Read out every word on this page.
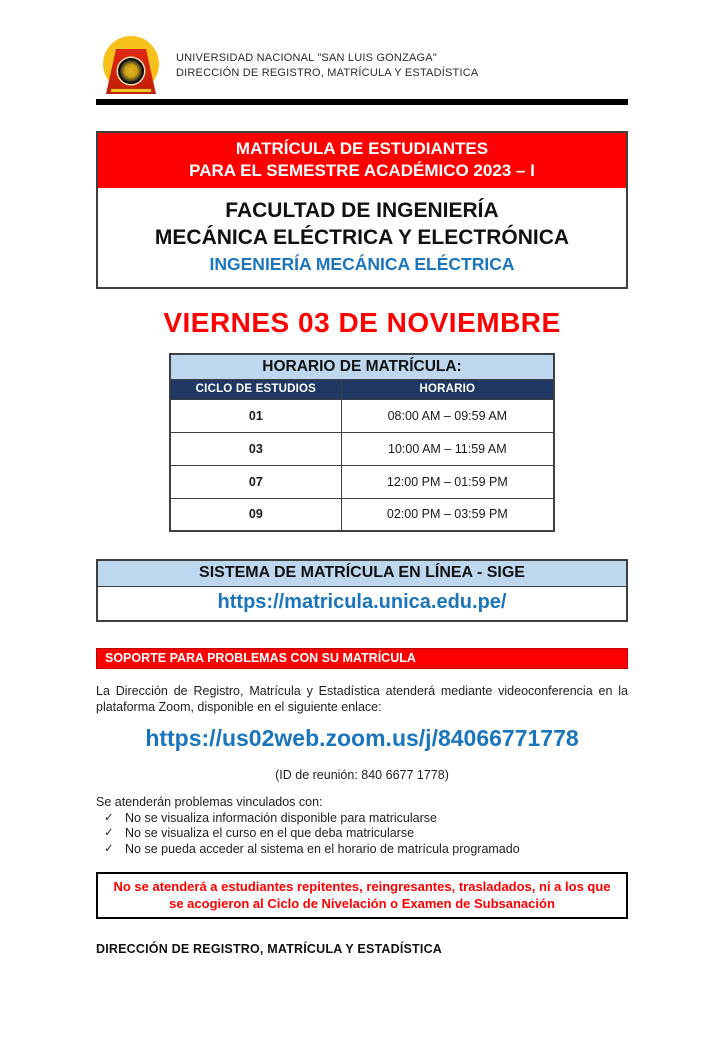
UNIVERSIDAD NACIONAL "SAN LUIS GONZAGA"
DIRECCIÓN DE REGISTRO, MATRÍCULA Y ESTADÍSTICA
MATRÍCULA DE ESTUDIANTES
PARA EL SEMESTRE ACADÉMICO 2023 – I
FACULTAD DE INGENIERÍA
MECÁNICA ELÉCTRICA Y ELECTRÓNICA
INGENIERÍA MECÁNICA ELÉCTRICA
VIERNES 03 DE NOVIEMBRE
HORARIO DE MATRÍCULA:	
CICLO DE ESTUDIOS	HORARIO
01	08:00 AM – 09:59 AM
03	10:00 AM – 11:59 AM
07	12:00 PM – 01:59 PM
09	02:00 PM – 03:59 PM
SISTEMA DE MATRÍCULA EN LÍNEA - SIGE
https://matricula.unica.edu.pe/
SOPORTE PARA PROBLEMAS CON SU MATRÍCULA

La Dirección de Registro, Matrícula y Estadística atenderá mediante videoconferencia en la plataforma Zoom, disponible en el siguiente enlace:

https://us02web.zoom.us/j/84066771778
(ID de reunión: 840 6677 1778)
Se atenderán problemas vinculados con:
✓ No se visualiza información disponible para matricularse
✓ No se visualiza el curso en el que deba matricularse
✓ No se pueda acceder al sistema en el horario de matrícula programado
No se atenderá a estudiantes repitentes, reingresantes, trasladados, ni a los que se acogieron al Ciclo de Nivelación o Examen de Subsanación
DIRECCIÓN DE REGISTRO, MATRÍCULA Y ESTADÍSTICA
